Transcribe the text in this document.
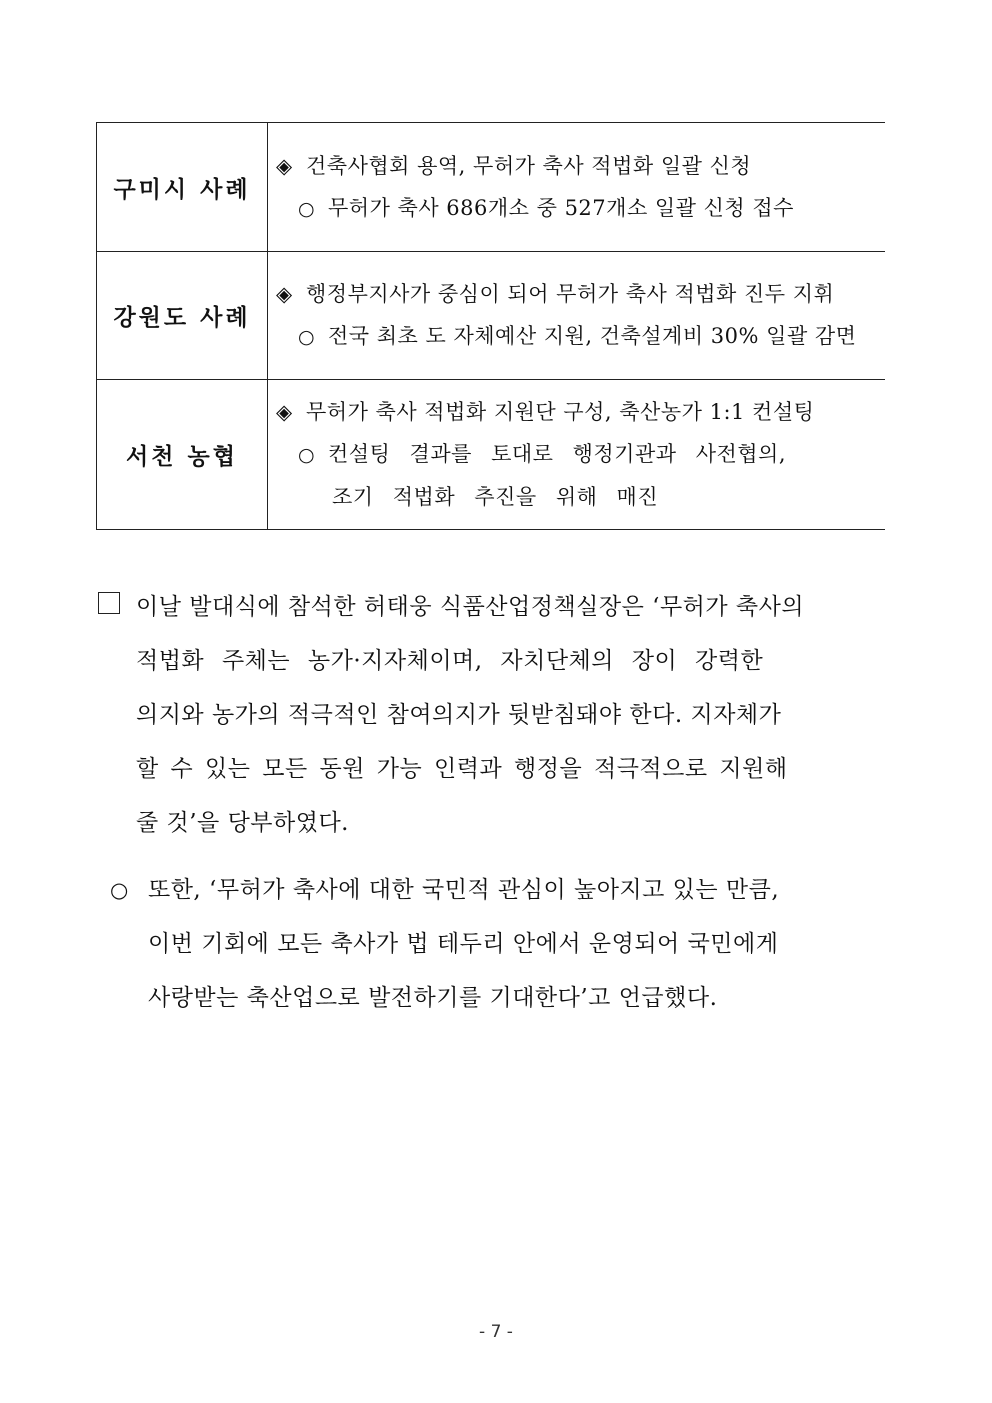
구미시 사례	◈ 건축사협회 용역, 무허가 축사 적법화 일괄 신청
○ 무허가 축사 686개소 중 527개소 일괄 신청 접수

강원도 사례	◈ 행정부지사가 중심이 되어 무허가 축사 적법화 진두 지휘
○ 전국 최초 도 자체예산 지원, 건축설계비 30% 일괄 감면

서천 농협	◈ 무허가 축사 적법화 지원단 구성, 축산농가 1:1 컨설팅
○ 컨설팅 결과를 토대로 행정기관과 사전협의,
조기 적법화 추진을 위해 매진
이날 발대식에 참석한 허태웅 식품산업정책실장은 ‘무허가 축사의
적법화 주체는 농가·지자체이며, 자치단체의 장이 강력한
의지와 농가의 적극적인 참여의지가 뒷받침돼야 한다. 지자체가
할 수 있는 모든 동원 가능 인력과 행정을 적극적으로 지원해
줄 것’을 당부하였다.
○ 또한, ‘무허가 축사에 대한 국민적 관심이 높아지고 있는 만큼,
이번 기회에 모든 축사가 법 테두리 안에서 운영되어 국민에게
사랑받는 축산업으로 발전하기를 기대한다’고 언급했다.
- 7 -
